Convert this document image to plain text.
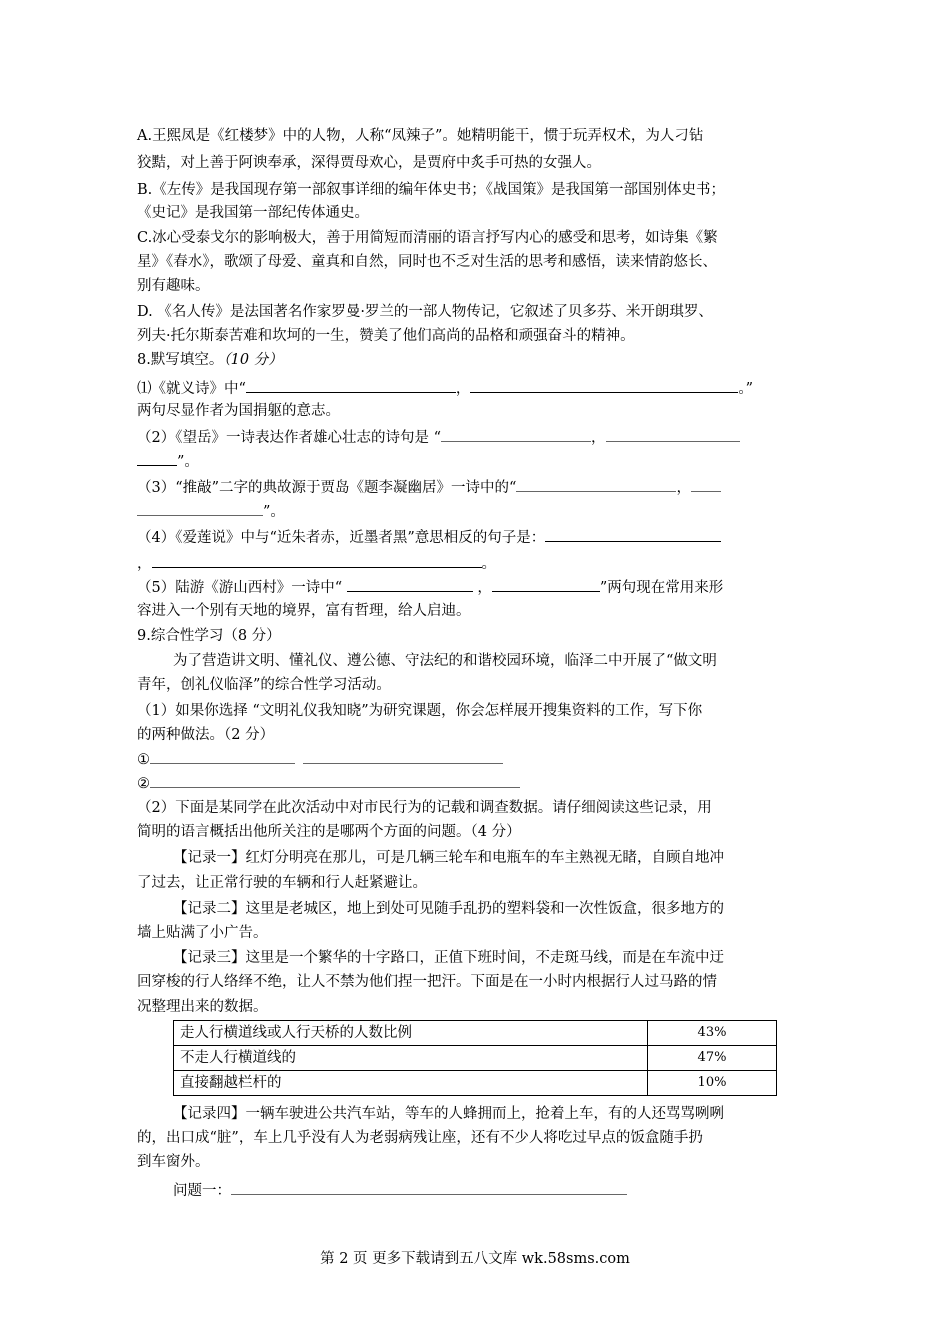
A.王熙凤是《红楼梦》中的人物，人称“凤辣子”。她精明能干，惯于玩弄权术，为人刁钻
狡黠，对上善于阿谀奉承，深得贾母欢心，是贾府中炙手可热的女强人。
B.《左传》是我国现存第一部叙事详细的编年体史书；《战国策》是我国第一部国别体史书；
《史记》是我国第一部纪传体通史。
C.冰心受泰戈尔的影响极大，善于用简短而清丽的语言抒写内心的感受和思考，如诗集《繁
星》《春水》，歌颂了母爱、童真和自然，同时也不乏对生活的思考和感悟，读来情韵悠长、
别有趣味。
D. 《名人传》是法国著名作家罗曼·罗兰的一部人物传记，它叙述了贝多芬、米开朗琪罗、
列夫·托尔斯泰苦难和坎坷的一生，赞美了他们高尚的品格和顽强奋斗的精神。
8.默写填空。（10 分）
⑴《就义诗》中“	，	。”
两句尽显作者为国捐躯的意志。
（2）《望岳》一诗表达作者雄心壮志的诗句是 “	，
”。
（3）“推敲”二字的典故源于贾岛《题李凝幽居》一诗中的“	，
”。
（4）《爱莲说》中与“近朱者赤，近墨者黑”意思相反的句子是：
，	。
（5）陆游《游山西村》一诗中“	，	”两句现在常用来形
容进入一个别有天地的境界，富有哲理，给人启迪。
9.综合性学习（8 分）
为了营造讲文明、懂礼仪、遵公德、守法纪的和谐校园环境，临泽二中开展了“做文明
青年，创礼仪临泽”的综合性学习活动。
（1）如果你选择 “文明礼仪我知晓”为研究课题，你会怎样展开搜集资料的工作，写下你
的两种做法。（2 分）
①
②
（2）下面是某同学在此次活动中对市民行为的记载和调查数据。请仔细阅读这些记录，用
简明的语言概括出他所关注的是哪两个方面的问题。（4 分）
【记录一】红灯分明亮在那儿，可是几辆三轮车和电瓶车的车主熟视无睹，自顾自地冲
了过去，让正常行驶的车辆和行人赶紧避让。
【记录二】这里是老城区，地上到处可见随手乱扔的塑料袋和一次性饭盒，很多地方的
墙上贴满了小广告。
【记录三】这里是一个繁华的十字路口，正值下班时间，不走斑马线，而是在车流中迂
回穿梭的行人络绎不绝，让人不禁为他们捏一把汗。下面是在一小时内根据行人过马路的情
况整理出来的数据。
走人行横道线或人行天桥的人数比例	43%
不走人行横道线的	47%
直接翻越栏杆的	10%
【记录四】一辆车驶进公共汽车站，等车的人蜂拥而上，抢着上车，有的人还骂骂咧咧
的，出口成“脏”，车上几乎没有人为老弱病残让座，还有不少人将吃过早点的饭盒随手扔
到车窗外。
问题一：
第 2 页 更多下载请到五八文库 wk.58sms.com
